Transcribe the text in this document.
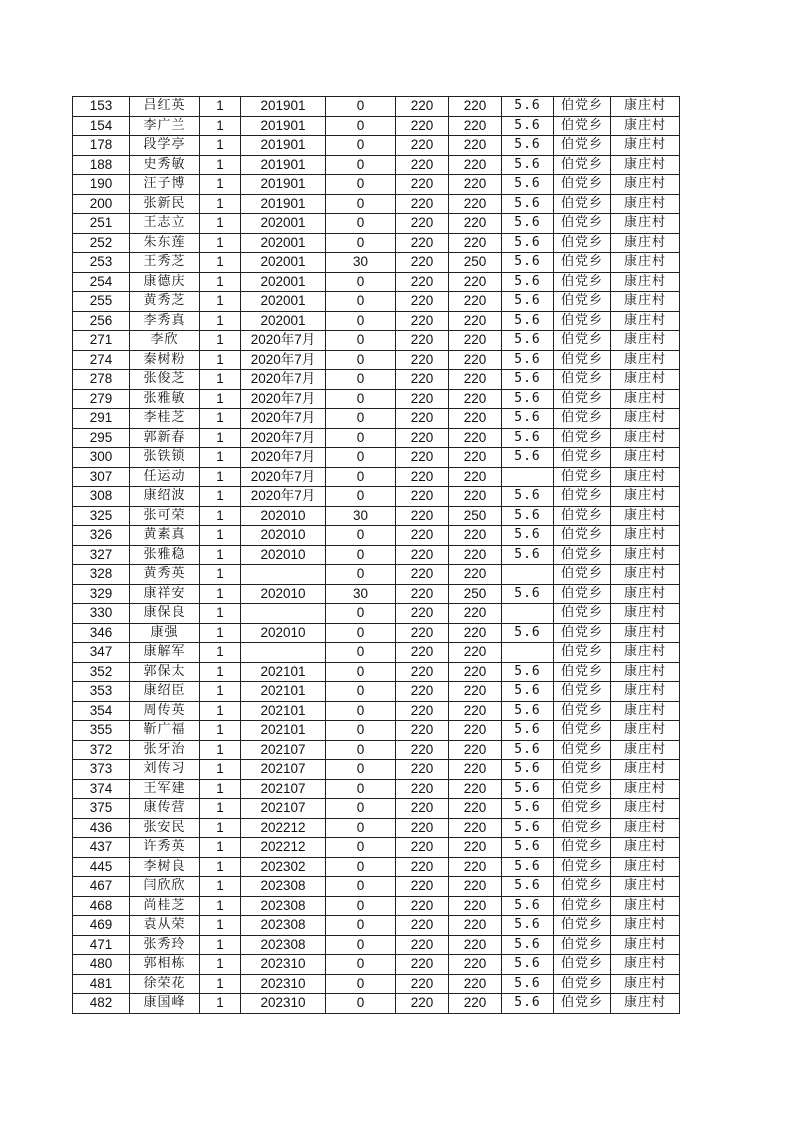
153	吕红英	1	201901	0	220	220	5.6	伯党乡	康庄村
154	李广兰	1	201901	0	220	220	5.6	伯党乡	康庄村
178	段学亭	1	201901	0	220	220	5.6	伯党乡	康庄村
188	史秀敏	1	201901	0	220	220	5.6	伯党乡	康庄村
190	汪子博	1	201901	0	220	220	5.6	伯党乡	康庄村
200	张新民	1	201901	0	220	220	5.6	伯党乡	康庄村
251	王志立	1	202001	0	220	220	5.6	伯党乡	康庄村
252	朱东莲	1	202001	0	220	220	5.6	伯党乡	康庄村
253	王秀芝	1	202001	30	220	250	5.6	伯党乡	康庄村
254	康德庆	1	202001	0	220	220	5.6	伯党乡	康庄村
255	黄秀芝	1	202001	0	220	220	5.6	伯党乡	康庄村
256	李秀真	1	202001	0	220	220	5.6	伯党乡	康庄村
271	李欣	1	2020年7月	0	220	220	5.6	伯党乡	康庄村
274	秦树粉	1	2020年7月	0	220	220	5.6	伯党乡	康庄村
278	张俊芝	1	2020年7月	0	220	220	5.6	伯党乡	康庄村
279	张雅敏	1	2020年7月	0	220	220	5.6	伯党乡	康庄村
291	李桂芝	1	2020年7月	0	220	220	5.6	伯党乡	康庄村
295	郭新春	1	2020年7月	0	220	220	5.6	伯党乡	康庄村
300	张铁锁	1	2020年7月	0	220	220	5.6	伯党乡	康庄村
307	任运动	1	2020年7月	0	220	220		伯党乡	康庄村
308	康绍波	1	2020年7月	0	220	220	5.6	伯党乡	康庄村
325	张可荣	1	202010	30	220	250	5.6	伯党乡	康庄村
326	黄素真	1	202010	0	220	220	5.6	伯党乡	康庄村
327	张雅稳	1	202010	0	220	220	5.6	伯党乡	康庄村
328	黄秀英	1		0	220	220		伯党乡	康庄村
329	康祥安	1	202010	30	220	250	5.6	伯党乡	康庄村
330	康保良	1		0	220	220		伯党乡	康庄村
346	康强	1	202010	0	220	220	5.6	伯党乡	康庄村
347	康解军	1		0	220	220		伯党乡	康庄村
352	郭保太	1	202101	0	220	220	5.6	伯党乡	康庄村
353	康绍臣	1	202101	0	220	220	5.6	伯党乡	康庄村
354	周传英	1	202101	0	220	220	5.6	伯党乡	康庄村
355	靳广福	1	202101	0	220	220	5.6	伯党乡	康庄村
372	张牙治	1	202107	0	220	220	5.6	伯党乡	康庄村
373	刘传习	1	202107	0	220	220	5.6	伯党乡	康庄村
374	王军建	1	202107	0	220	220	5.6	伯党乡	康庄村
375	康传营	1	202107	0	220	220	5.6	伯党乡	康庄村
436	张安民	1	202212	0	220	220	5.6	伯党乡	康庄村
437	许秀英	1	202212	0	220	220	5.6	伯党乡	康庄村
445	李树良	1	202302	0	220	220	5.6	伯党乡	康庄村
467	闫欣欣	1	202308	0	220	220	5.6	伯党乡	康庄村
468	尚桂芝	1	202308	0	220	220	5.6	伯党乡	康庄村
469	袁从荣	1	202308	0	220	220	5.6	伯党乡	康庄村
471	张秀玲	1	202308	0	220	220	5.6	伯党乡	康庄村
480	郭相栋	1	202310	0	220	220	5.6	伯党乡	康庄村
481	徐荣花	1	202310	0	220	220	5.6	伯党乡	康庄村
482	康国峰	1	202310	0	220	220	5.6	伯党乡	康庄村
